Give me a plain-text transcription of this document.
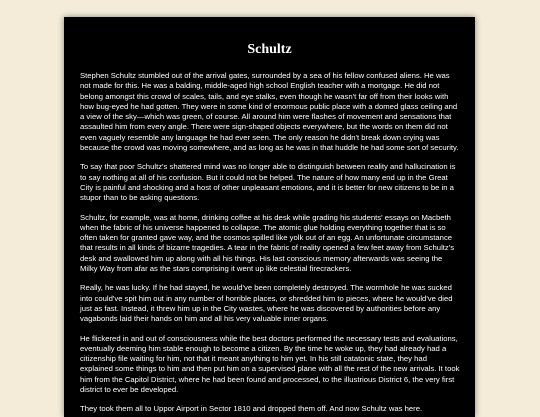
Schultz

Stephen Schultz stumbled out of the arrival gates, surrounded by a sea of his fellow confused aliens. He was not made for this. He was a balding, middle-aged high school English teacher with a mortgage. He did not belong amongst this crowd of scales, tails, and eye stalks, even though he wasn't far off from their looks with how bug-eyed he had gotten. They were in some kind of enormous public place with a domed glass ceiling and a view of the sky—which was green, of course. All around him were flashes of movement and sensations that assaulted him from every angle. There were sign-shaped objects everywhere, but the words on them did not even vaguely resemble any language he had ever seen. The only reason he didn't break down crying was because the crowd was moving somewhere, and as long as he was in that huddle he had some sort of security.

To say that poor Schultz's shattered mind was no longer able to distinguish between reality and hallucination is to say nothing at all of his confusion. But it could not be helped. The nature of how many end up in the Great City is painful and shocking and a host of other unpleasant emotions, and it is better for new citizens to be in a stupor than to be asking questions.

Schultz, for example, was at home, drinking coffee at his desk while grading his students' essays on Macbeth when the fabric of his universe happened to collapse. The atomic glue holding everything together that is so often taken for granted gave way, and the cosmos spilled like yolk out of an egg. An unfortunate circumstance that results in all kinds of bizarre tragedies. A tear in the fabric of reality opened a few feet away from Schultz's desk and swallowed him up along with all his things. His last conscious memory afterwards was seeing the Milky Way from afar as the stars comprising it went up like celestial firecrackers.

Really, he was lucky. If he had stayed, he would've been completely destroyed. The wormhole he was sucked into could've spit him out in any number of horrible places, or shredded him to pieces, where he would've died just as fast. Instead, it threw him up in the City wastes, where he was discovered by authorities before any vagabonds laid their hands on him and all his very valuable inner organs.

He flickered in and out of consciousness while the best doctors performed the necessary tests and evaluations, eventually deeming him stable enough to become a citizen. By the time he woke up, they had already had a citizenship file waiting for him, not that it meant anything to him yet. In his still catatonic state, they had explained some things to him and then put him on a supervised plane with all the rest of the new arrivals. It took him from the Capitol District, where he had been found and processed, to the illustrious District 6, the very first district to ever be developed.

They took them all to Uppor Airport in Sector 1810 and dropped them off. And now Schultz was here.
